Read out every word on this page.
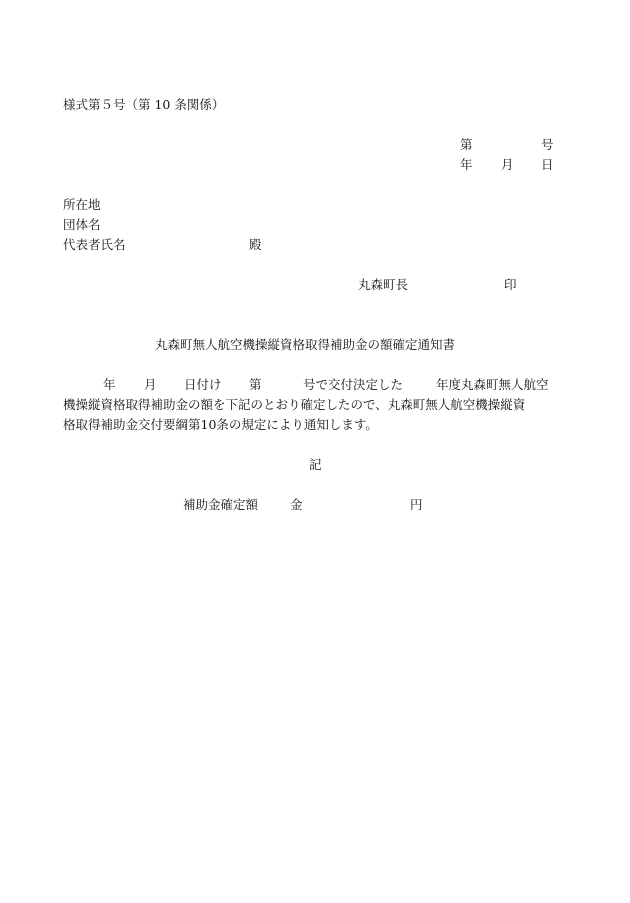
様式第５号（第 10 条関係）
第	号
年 月 日
所在地
団体名
代表者氏名	殿
丸森町長	印
丸森町無人航空機操縦資格取得補助金の額確定通知書
年 月 日付け 第	号で交付決定した	年度丸森町無人航空
機操縦資格取得補助金の額を下記のとおり確定したので、丸森町無人航空機操縦資
格取得補助金交付要綱第10条の規定により通知します。
記
補助金確定額	金	円
